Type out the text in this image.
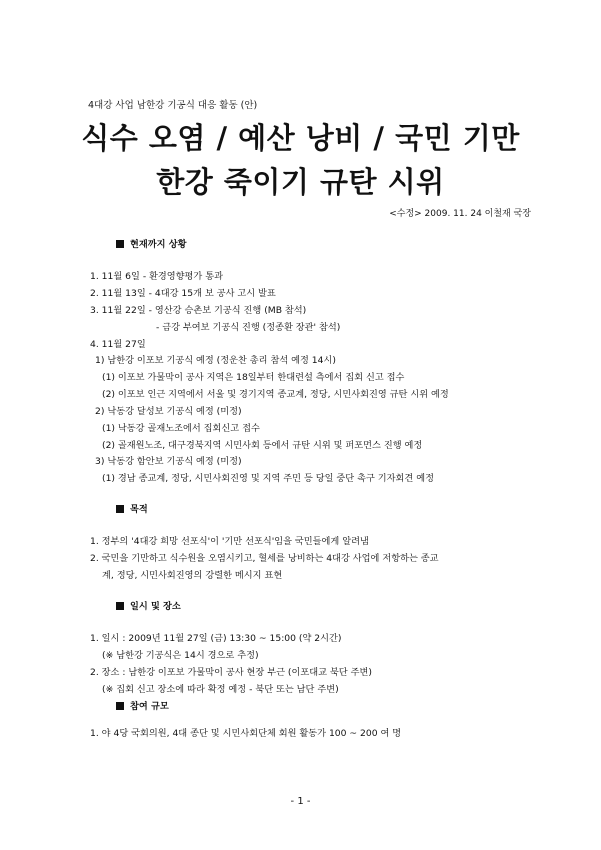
4대강 사업 남한강 기공식 대응 활동 (안)
식수 오염 / 예산 낭비 / 국민 기만
한강 죽이기 규탄 시위
<수정> 2009. 11. 24 이철재 국장
현재까지 상황
1. 11월 6일 - 환경영향평가 통과
2. 11월 13일 - 4대강 15개 보 공사 고시 발표
3. 11월 22일 - 영산강 승촌보 기공식 진행 (MB 참석)
- 금강 부여보 기공식 진행 (정종환 장관' 참석)
4. 11월 27일
1) 남한강 이포보 기공식 예정 (정운찬 총리 참석 예정 14시)
(1) 이포보 가물막이 공사 지역은 18일부터 한대련설 측에서 집회 신고 접수
(2) 이포보 인근 지역에서 서울 및 경기지역 종교계, 정당, 시민사회진영 규탄 시위 예정
2) 낙동강 달성보 기공식 예정 (미정)
(1) 낙동강 골재노조에서 집회신고 접수
(2) 골재원노조, 대구경북지역 시민사회 등에서 규탄 시위 및 퍼포먼스 진행 예정
3) 낙동강 함안보 기공식 예정 (미정)
(1) 경남 종교계, 정당, 시민사회진영 및 지역 주민 등 당일 중단 촉구 기자회견 예정
목적
1. 정부의 '4대강 희망 선포식'이 '기만 선포식'임을 국민들에게 알려냄
2. 국민을 기만하고 식수원을 오염시키고, 혈세를 낭비하는 4대강 사업에 저항하는 종교
계, 정당, 시민사회진영의 강렬한 메시지 표현
일시 및 장소
1. 일시 : 2009년 11월 27일 (금) 13:30 ~ 15:00 (약 2시간)
(※ 남한강 기공식은 14시 경으로 추정)
2. 장소 : 남한강 이포보 가물막이 공사 현장 부근 (이포대교 북단 주변)
(※ 집회 신고 장소에 따라 확정 예정 - 북단 또는 남단 주변)
참여 규모
1. 야 4당 국회의원, 4대 종단 및 시민사회단체 회원 활동가 100 ~ 200 여 명
- 1 -
